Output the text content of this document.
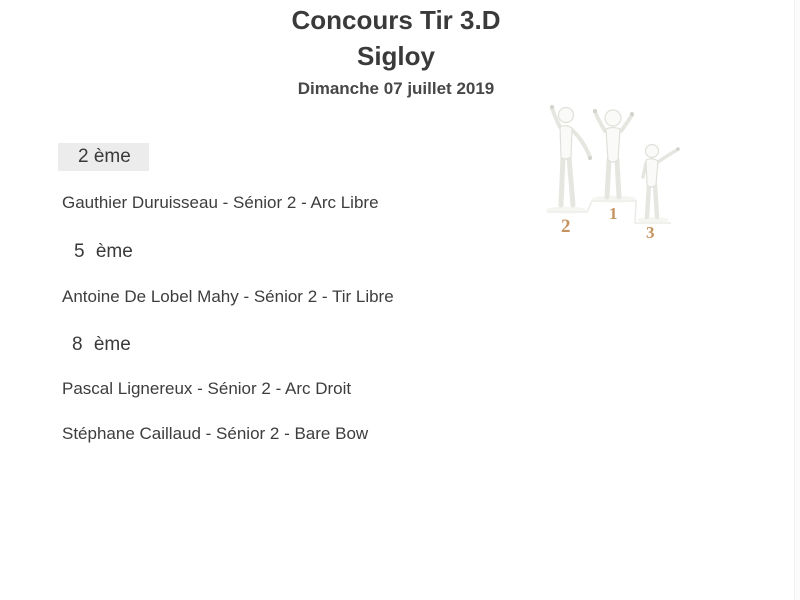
Concours Tir 3.D
Sigloy
Dimanche 07 juillet 2019
2
1
3
2 ème
Gauthier Duruisseau - Sénior 2 - Arc Libre
5 ème
Antoine De Lobel Mahy - Sénior 2 - Tir Libre
8 ème
Pascal Lignereux - Sénior 2 - Arc Droit
Stéphane Caillaud - Sénior 2 - Bare Bow
